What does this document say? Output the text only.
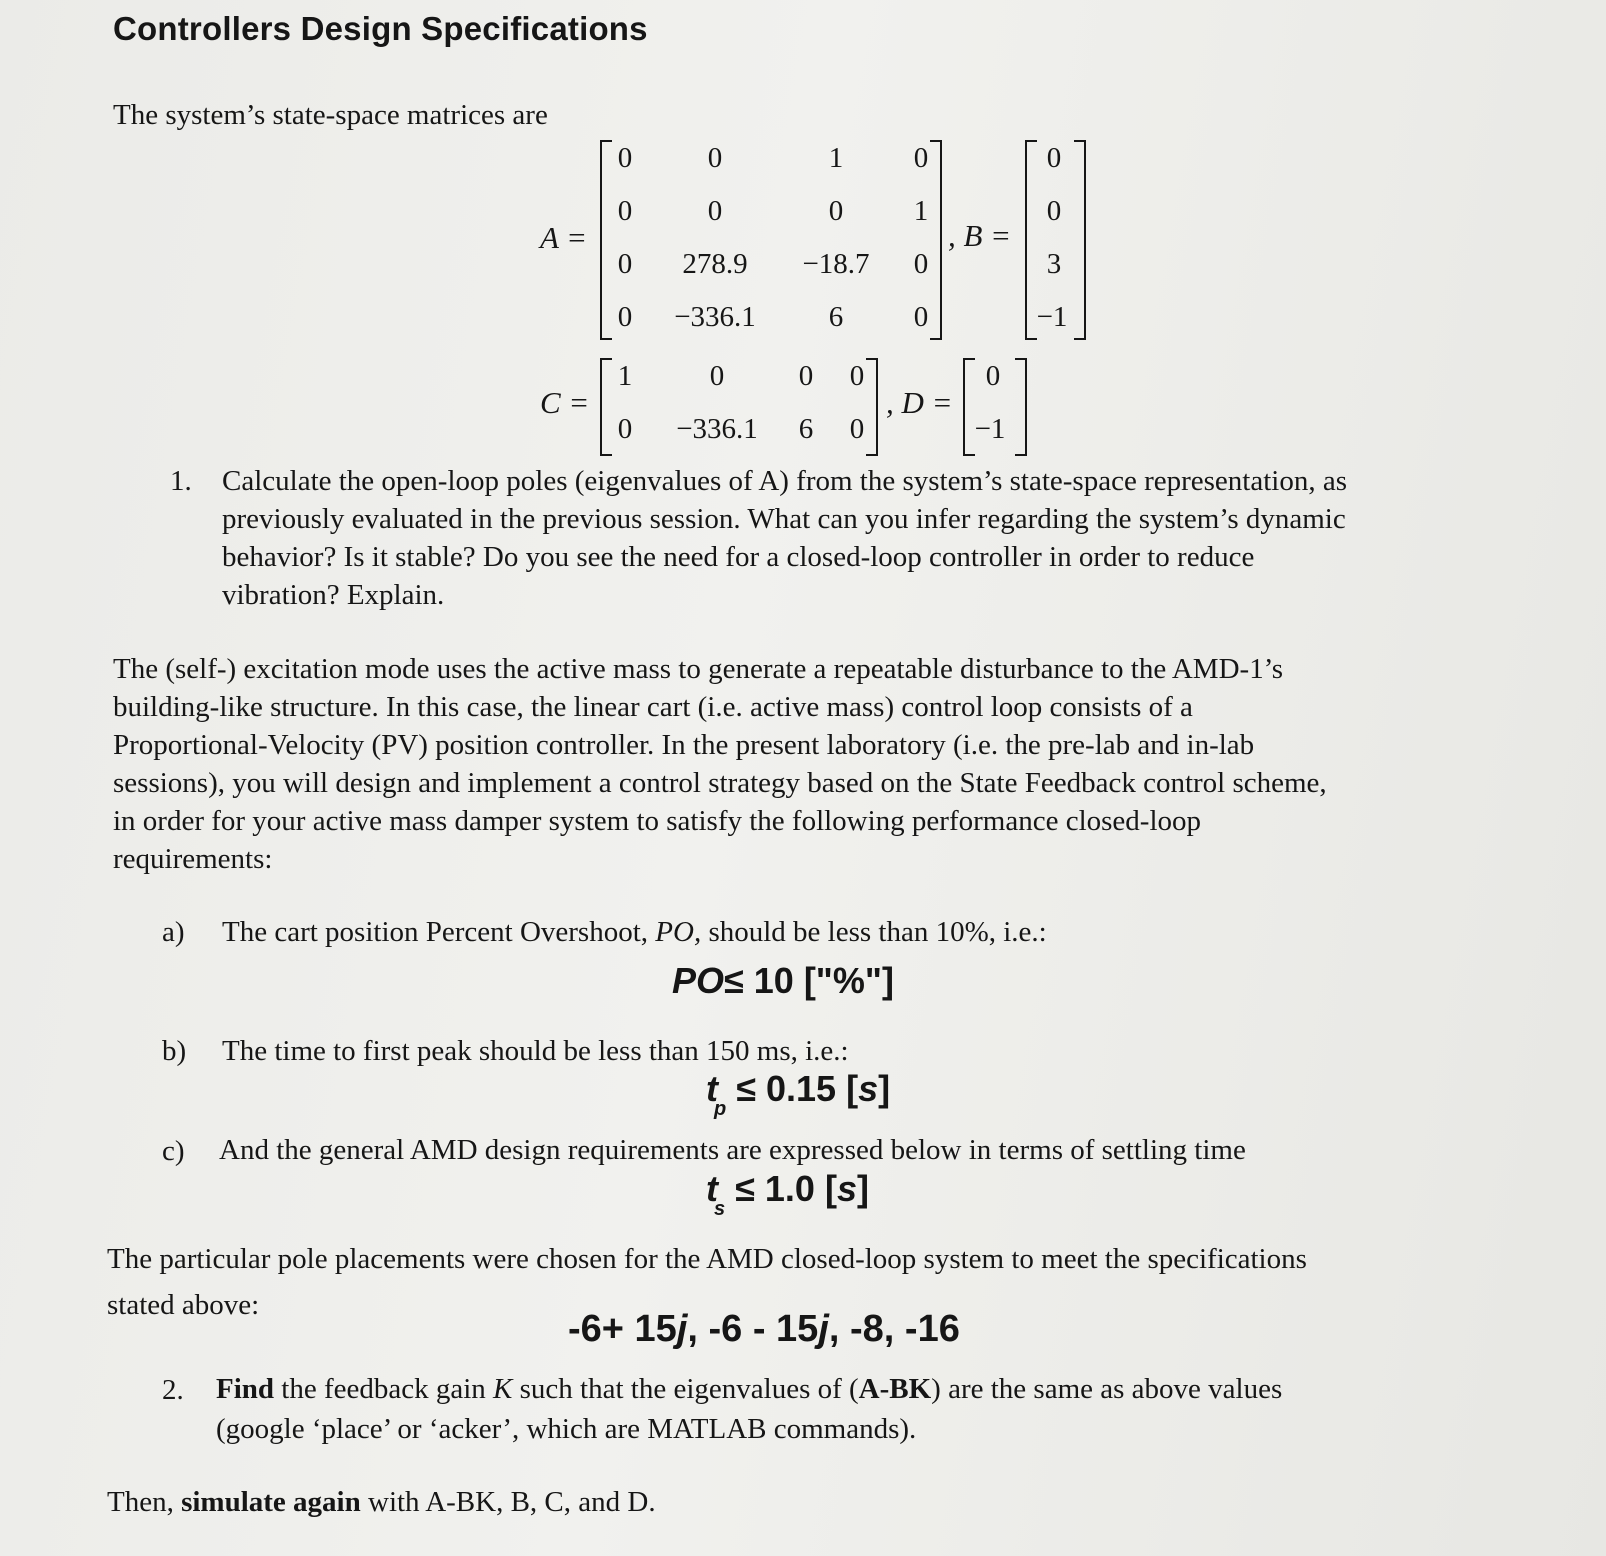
Controllers Design Specifications
The system’s state-space matrices are
A =
0	0	1 0
0	0	0 1
0 278.9 −18.7 0
0 −336.1	6 0
, B =
0
0
3
−1
C =
1	0	0 0
0 −336.1 6 0
, D =
0
−1
1. Calculate the open-loop poles (eigenvalues of A) from the system’s state-space representation, as
previously evaluated in the previous session. What can you infer regarding the system’s dynamic
behavior? Is it stable? Do you see the need for a closed-loop controller in order to reduce
vibration? Explain.
The (self-) excitation mode uses the active mass to generate a repeatable disturbance to the AMD-1’s
building-like structure. In this case, the linear cart (i.e. active mass) control loop consists of a
Proportional-Velocity (PV) position controller. In the present laboratory (i.e. the pre-lab and in-lab
sessions), you will design and implement a control strategy based on the State Feedback control scheme,
in order for your active mass damper system to satisfy the following performance closed-loop
requirements:
a) The cart position Percent Overshoot, PO, should be less than 10%, i.e.:
PO≤ 10 ["%"]
b) The time to first peak should be less than 150 ms, i.e.:
$t_p \le 0.15$ [s]
c) And the general AMD design requirements are expressed below in terms of settling time
$t_s \le 1.0$ [s]
The particular pole placements were chosen for the AMD closed-loop system to meet the specifications
stated above:
-6+ 15j, -6 - 15j, -8, -16
2. Find the feedback gain K such that the eigenvalues of (A-BK) are the same as above values
(google ‘place’ or ‘acker’, which are MATLAB commands).
Then, simulate again with A-BK, B, C, and D.
